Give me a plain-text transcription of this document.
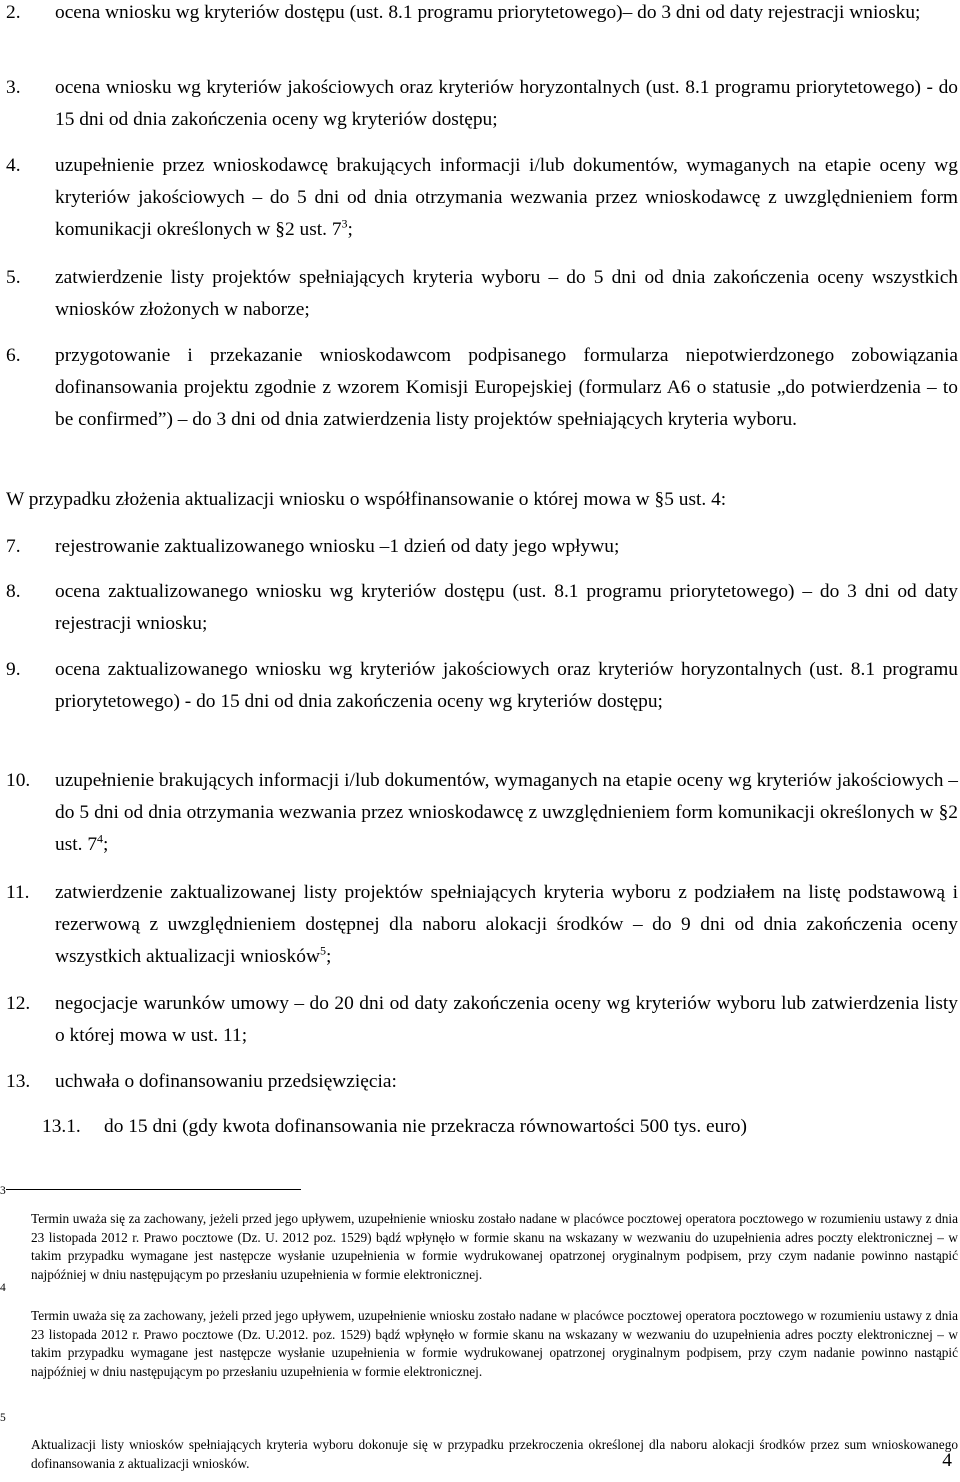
2. ocena wniosku wg kryteriów dostępu (ust. 8.1 programu priorytetowego)– do 3 dni od daty rejestracji wniosku;
3. ocena wniosku wg kryteriów jakościowych oraz kryteriów horyzontalnych (ust. 8.1 programu priorytetowego) - do 15 dni od dnia zakończenia oceny wg kryteriów dostępu;
4. uzupełnienie przez wnioskodawcę brakujących informacji i/lub dokumentów, wymaganych na etapie oceny wg kryteriów jakościowych – do 5 dni od dnia otrzymania wezwania przez wnioskodawcę z uwzględnieniem form komunikacji określonych w §2 ust. $7^3$;
5. zatwierdzenie listy projektów spełniających kryteria wyboru – do 5 dni od dnia zakończenia oceny wszystkich wniosków złożonych w naborze;
6. przygotowanie i przekazanie wnioskodawcom podpisanego formularza niepotwierdzonego zobowiązania dofinansowania projektu zgodnie z wzorem Komisji Europejskiej (formularz A6 o statusie „do potwierdzenia – to be confirmed”) – do 3 dni od dnia zatwierdzenia listy projektów spełniających kryteria wyboru.
W przypadku złożenia aktualizacji wniosku o współfinansowanie o której mowa w §5 ust. 4:
7. rejestrowanie zaktualizowanego wniosku –1 dzień od daty jego wpływu;
8. ocena zaktualizowanego wniosku wg kryteriów dostępu (ust. 8.1 programu priorytetowego) – do 3 dni od daty rejestracji wniosku;
9. ocena zaktualizowanego wniosku wg kryteriów jakościowych oraz kryteriów horyzontalnych (ust. 8.1 programu priorytetowego) - do 15 dni od dnia zakończenia oceny wg kryteriów dostępu;
10. uzupełnienie brakujących informacji i/lub dokumentów, wymaganych na etapie oceny wg kryteriów jakościowych – do 5 dni od dnia otrzymania wezwania przez wnioskodawcę z uwzględnieniem form komunikacji określonych w §2 ust. $7^4$;
11. zatwierdzenie zaktualizowanej listy projektów spełniających kryteria wyboru z podziałem na listę podstawową i rezerwową z uwzględnieniem dostępnej dla naboru alokacji środków – do 9 dni od dnia zakończenia oceny wszystkich aktualizacji wniosków$^5$;
12. negocjacje warunków umowy – do 20 dni od daty zakończenia oceny wg kryteriów wyboru lub zatwierdzenia listy o której mowa w ust. 11;
13. uchwała o dofinansowaniu przedsięwzięcia:
13.1. do 15 dni (gdy kwota dofinansowania nie przekracza równowartości 500 tys. euro)
3
Termin uważa się za zachowany, jeżeli przed jego upływem, uzupełnienie wniosku zostało nadane w placówce pocztowej operatora pocztowego w rozumieniu ustawy z dnia 23 listopada 2012 r. Prawo pocztowe (Dz. U. 2012 poz. 1529) bądź wpłynęło w formie skanu na wskazany w wezwaniu do uzupełnienia adres poczty elektronicznej – w takim przypadku wymagane jest następcze wysłanie uzupełnienia w formie wydrukowanej opatrzonej oryginalnym podpisem, przy czym nadanie powinno nastąpić najpóźniej w dniu następującym po przesłaniu uzupełnienia w formie elektronicznej.
4
Termin uważa się za zachowany, jeżeli przed jego upływem, uzupełnienie wniosku zostało nadane w placówce pocztowej operatora pocztowego w rozumieniu ustawy z dnia 23 listopada 2012 r. Prawo pocztowe (Dz. U.2012. poz. 1529) bądź wpłynęło w formie skanu na wskazany w wezwaniu do uzupełnienia adres poczty elektronicznej – w takim przypadku wymagane jest następcze wysłanie uzupełnienia w formie wydrukowanej opatrzonej oryginalnym podpisem, przy czym nadanie powinno nastąpić najpóźniej w dniu następującym po przesłaniu uzupełnienia w formie elektronicznej.
5
Aktualizacji listy wniosków spełniających kryteria wyboru dokonuje się w przypadku przekroczenia określonej dla naboru alokacji środków przez sum wnioskowanego dofinansowania z aktualizacji wniosków.	4
